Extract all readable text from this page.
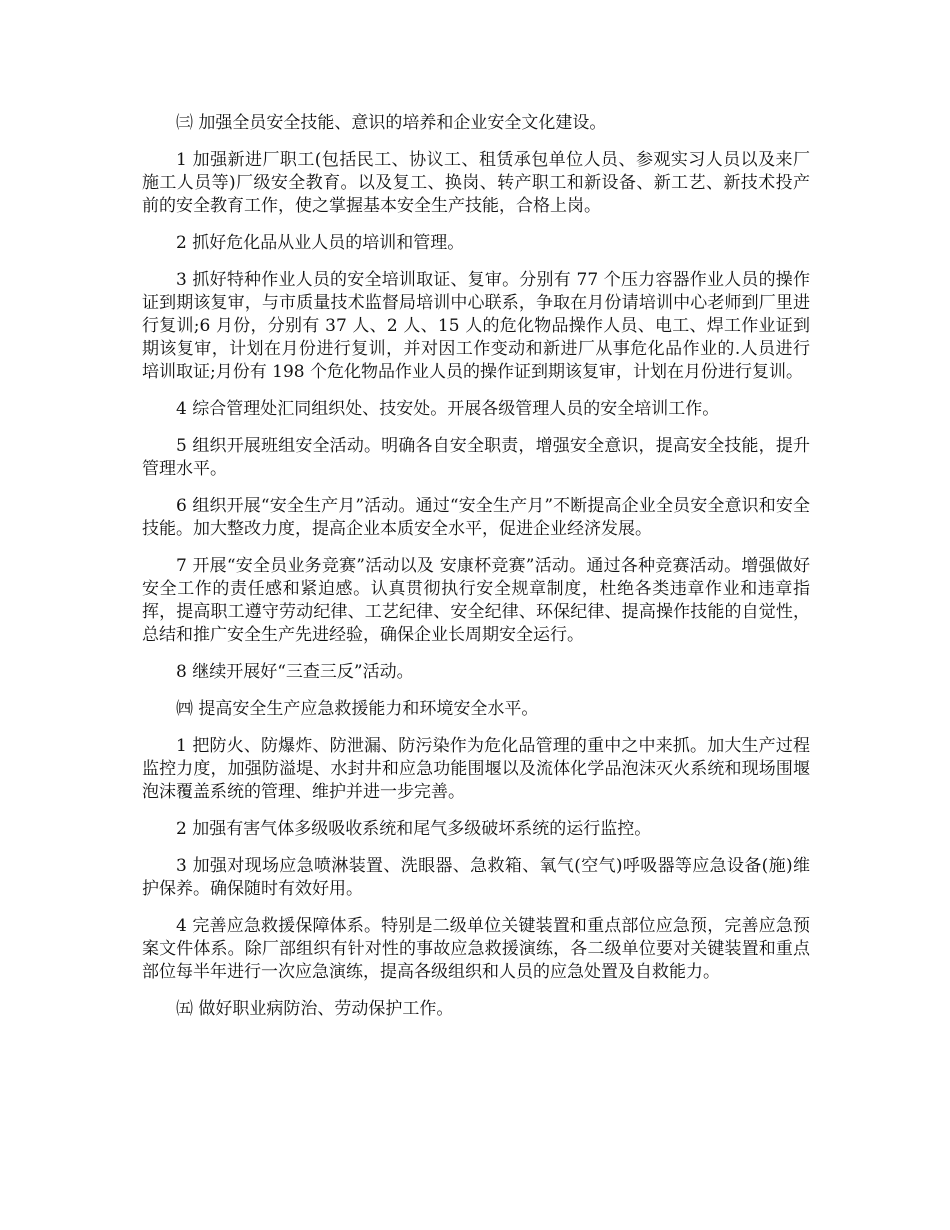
㈢ 加强全员安全技能、意识的培养和企业安全文化建设。

1 加强新进厂职工(包括民工、协议工、租赁承包单位人员、参观实习人员以及来厂施工人员等)厂级安全教育。以及复工、换岗、转产职工和新设备、新工艺、新技术投产前的安全教育工作，使之掌握基本安全生产技能，合格上岗。

2 抓好危化品从业人员的培训和管理。

3 抓好特种作业人员的安全培训取证、复审。分别有 77 个压力容器作业人员的操作证到期该复审，与市质量技术监督局培训中心联系，争取在月份请培训中心老师到厂里进行复训;6 月份，分别有 37 人、2 人、15 人的危化物品操作人员、电工、焊工作业证到期该复审，计划在月份进行复训，并对因工作变动和新进厂从事危化品作业的.人员进行培训取证;月份有 198 个危化物品作业人员的操作证到期该复审，计划在月份进行复训。

4 综合管理处汇同组织处、技安处。开展各级管理人员的安全培训工作。

5 组织开展班组安全活动。明确各自安全职责，增强安全意识，提高安全技能，提升管理水平。

6 组织开展“安全生产月”活动。通过“安全生产月”不断提高企业全员安全意识和安全技能。加大整改力度，提高企业本质安全水平，促进企业经济发展。

7 开展“安全员业务竞赛”活动以及 安康杯竞赛”活动。通过各种竞赛活动。增强做好安全工作的责任感和紧迫感。认真贯彻执行安全规章制度，杜绝各类违章作业和违章指挥，提高职工遵守劳动纪律、工艺纪律、安全纪律、环保纪律、提高操作技能的自觉性，总结和推广安全生产先进经验，确保企业长周期安全运行。

8 继续开展好“三查三反”活动。

㈣ 提高安全生产应急救援能力和环境安全水平。

1 把防火、防爆炸、防泄漏、防污染作为危化品管理的重中之中来抓。加大生产过程监控力度，加强防溢堤、水封井和应急功能围堰以及流体化学品泡沫灭火系统和现场围堰泡沫覆盖系统的管理、维护并进一步完善。

2 加强有害气体多级吸收系统和尾气多级破坏系统的运行监控。

3 加强对现场应急喷淋装置、洗眼器、急救箱、氧气(空气)呼吸器等应急设备(施)维护保养。确保随时有效好用。

4 完善应急救援保障体系。特别是二级单位关键装置和重点部位应急预，完善应急预案文件体系。除厂部组织有针对性的事故应急救援演练，各二级单位要对关键装置和重点部位每半年进行一次应急演练，提高各级组织和人员的应急处置及自救能力。

㈤ 做好职业病防治、劳动保护工作。
